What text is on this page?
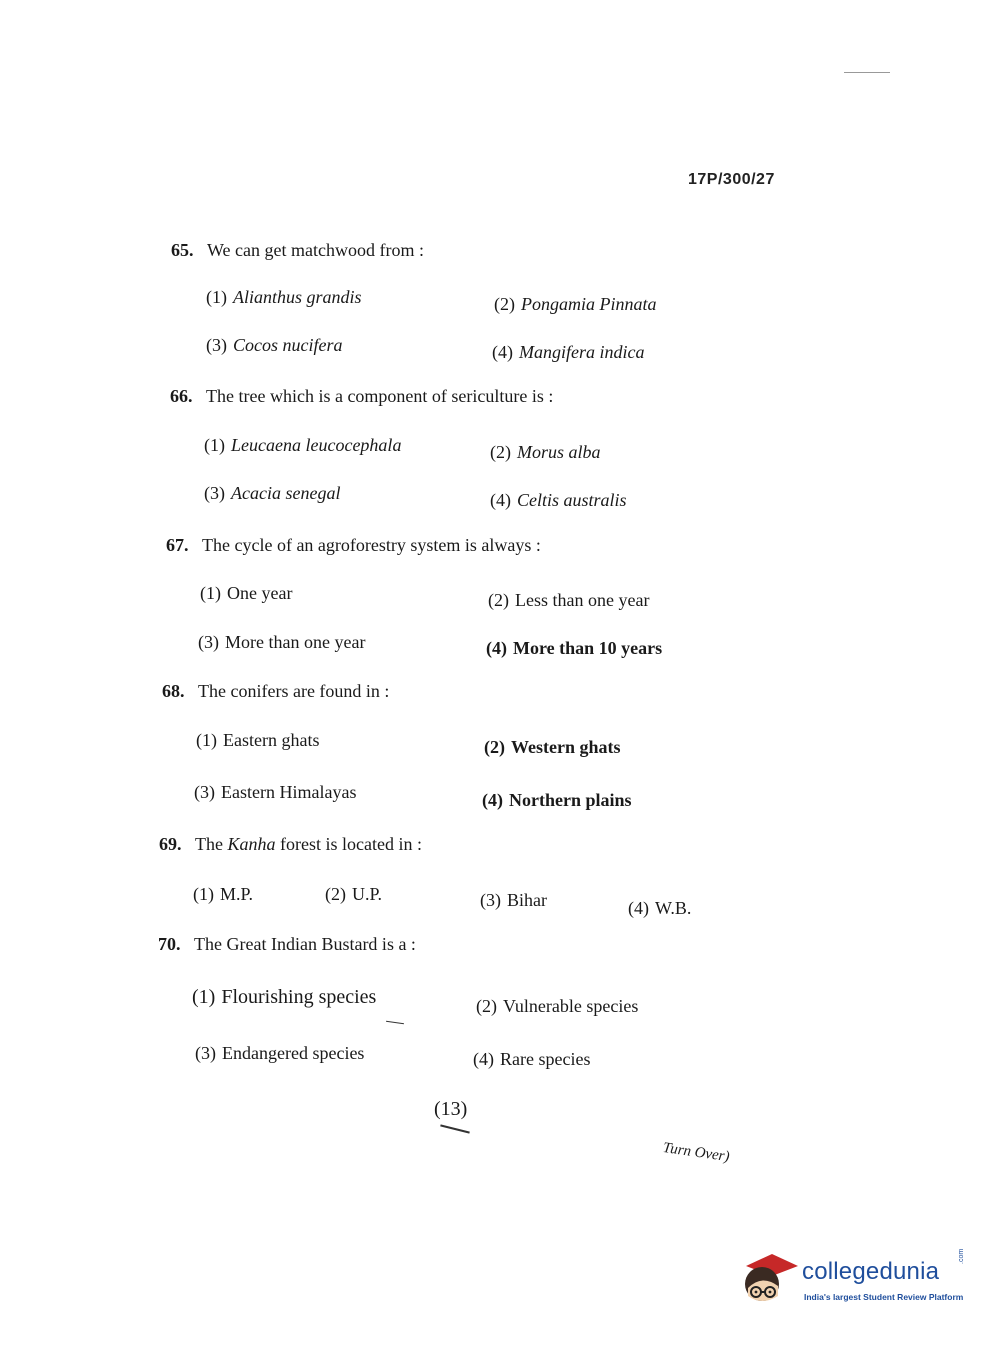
17P/300/27
65. We can get matchwood from :
(1) Alianthus grandis	(2) Pongamia Pinnata
(3) Cocos nucifera	(4) Mangifera indica
66. The tree which is a component of sericulture is :
(1) Leucaena leucocephala	(2) Morus alba
(3) Acacia senegal	(4) Celtis australis
67. The cycle of an agroforestry system is always :
(1) One year	(2) Less than one year
(3) More than one year	(4) More than 10 years
68. The conifers are found in :
(1) Eastern ghats	(2) Western ghats
(3) Eastern Himalayas	(4) Northern plains
69. The Kanha forest is located in :
(1) M.P.	(2) U.P.	(3) Bihar	(4) W.B.
70. The Great Indian Bustard is a :
(1) Flourishing species	(2) Vulnerable species
(3) Endangered species	(4) Rare species
(13)
Turn Over)
collegedunia
.com
India's largest Student Review Platform
